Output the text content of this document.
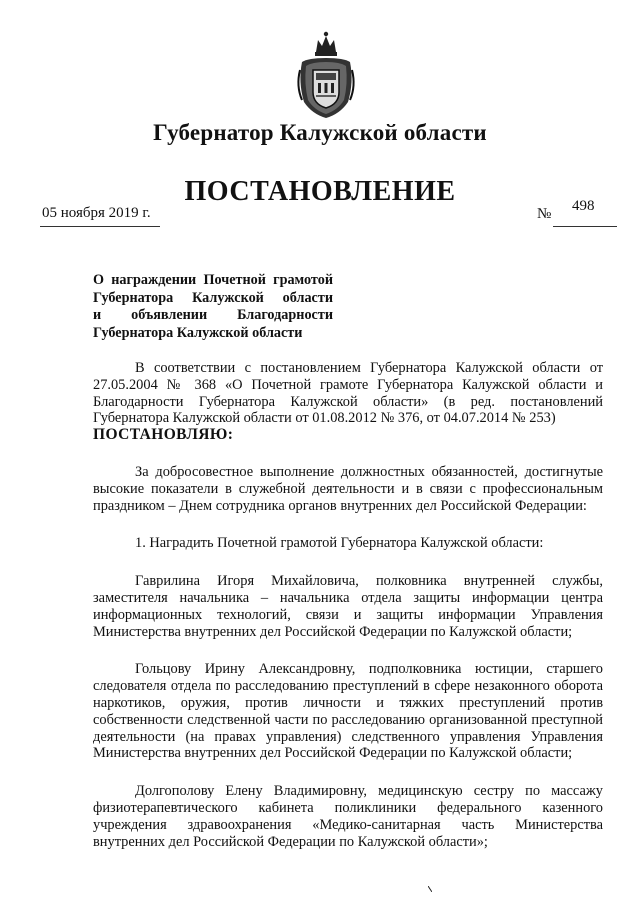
Губернатор Калужской области
ПОСТАНОВЛЕНИЕ
05 ноября 2019 г.	№ 498
О награждении Почетной грамотой
Губернатора Калужской области
и объявлении Благодарности
Губернатора Калужской области

В соответствии с постановлением Губернатора Калужской области от 27.05.2004 № 368 «О Почетной грамоте Губернатора Калужской области и Благодарности Губернатора Калужской области» (в ред. постановлений Губернатора Калужской области от 01.08.2012 № 376, от 04.07.2014 № 253)

ПОСТАНОВЛЯЮ:

За добросовестное выполнение должностных обязанностей, достигнутые высокие показатели в служебной деятельности и в связи с профессиональным праздником – Днем сотрудника органов внутренних дел Российской Федерации:

1. Наградить Почетной грамотой Губернатора Калужской области:

Гаврилина Игоря Михайловича, полковника внутренней службы, заместителя начальника – начальника отдела защиты информации центра информационных технологий, связи и защиты информации Управления Министерства внутренних дел Российской Федерации по Калужской области;

Гольцову Ирину Александровну, подполковника юстиции, старшего следователя отдела по расследованию преступлений в сфере незаконного оборота наркотиков, оружия, против личности и тяжких преступлений против собственности следственной части по расследованию организованной преступной деятельности (на правах управления) следственного управления Управления Министерства внутренних дел Российской Федерации по Калужской области;

Долгополову Елену Владимировну, медицинскую сестру по массажу физиотерапевтического кабинета поликлиники федерального казенного учреждения здравоохранения «Медико-санитарная часть Министерства внутренних дел Российской Федерации по Калужской области»;
